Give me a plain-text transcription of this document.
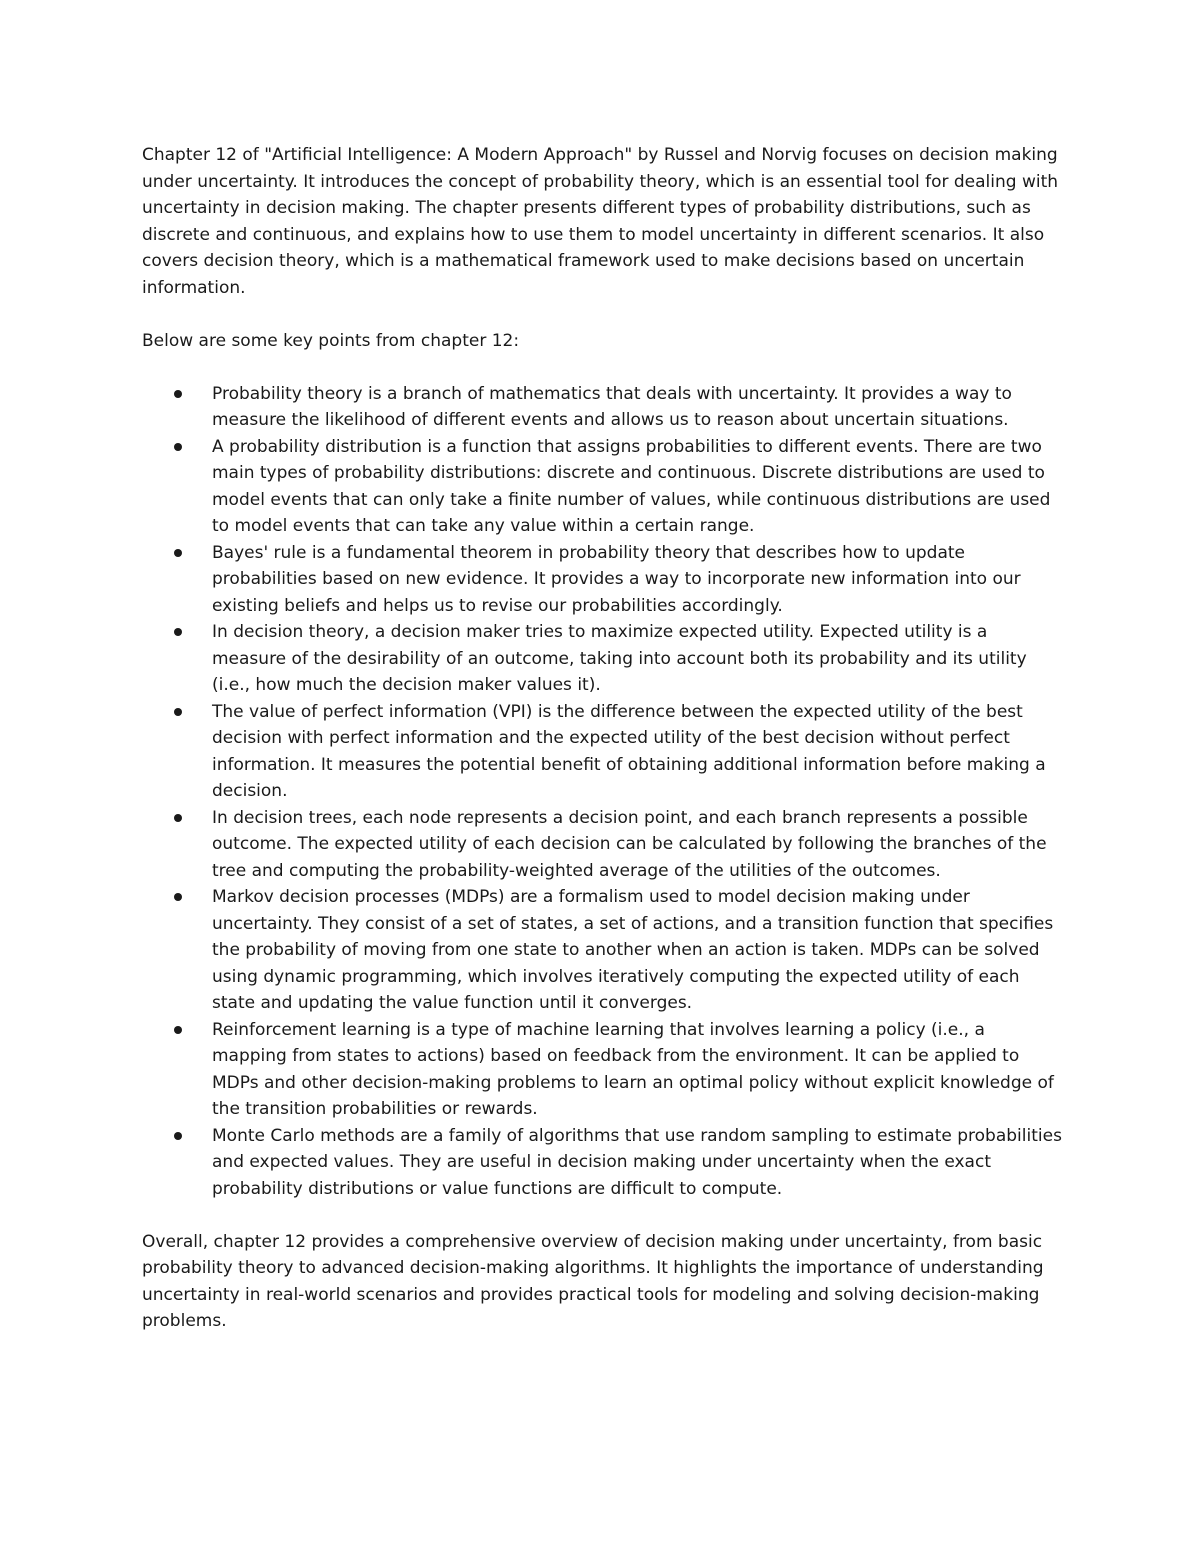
Chapter 12 of "Artificial Intelligence: A Modern Approach" by Russel and Norvig focuses on decision making under uncertainty. It introduces the concept of probability theory, which is an essential tool for dealing with uncertainty in decision making. The chapter presents different types of probability distributions, such as discrete and continuous, and explains how to use them to model uncertainty in different scenarios. It also covers decision theory, which is a mathematical framework used to make decisions based on uncertain information.

Below are some key points from chapter 12:

Probability theory is a branch of mathematics that deals with uncertainty. It provides a way to measure the likelihood of different events and allows us to reason about uncertain situations.
A probability distribution is a function that assigns probabilities to different events. There are two main types of probability distributions: discrete and continuous. Discrete distributions are used to model events that can only take a finite number of values, while continuous distributions are used to model events that can take any value within a certain range.
Bayes' rule is a fundamental theorem in probability theory that describes how to update probabilities based on new evidence. It provides a way to incorporate new information into our existing beliefs and helps us to revise our probabilities accordingly.
In decision theory, a decision maker tries to maximize expected utility. Expected utility is a measure of the desirability of an outcome, taking into account both its probability and its utility (i.e., how much the decision maker values it).
The value of perfect information (VPI) is the difference between the expected utility of the best decision with perfect information and the expected utility of the best decision without perfect information. It measures the potential benefit of obtaining additional information before making a decision.
In decision trees, each node represents a decision point, and each branch represents a possible outcome. The expected utility of each decision can be calculated by following the branches of the tree and computing the probability-weighted average of the utilities of the outcomes.
Markov decision processes (MDPs) are a formalism used to model decision making under uncertainty. They consist of a set of states, a set of actions, and a transition function that specifies the probability of moving from one state to another when an action is taken. MDPs can be solved using dynamic programming, which involves iteratively computing the expected utility of each state and updating the value function until it converges.
Reinforcement learning is a type of machine learning that involves learning a policy (i.e., a mapping from states to actions) based on feedback from the environment. It can be applied to MDPs and other decision-making problems to learn an optimal policy without explicit knowledge of the transition probabilities or rewards.
Monte Carlo methods are a family of algorithms that use random sampling to estimate probabilities and expected values. They are useful in decision making under uncertainty when the exact probability distributions or value functions are difficult to compute.

Overall, chapter 12 provides a comprehensive overview of decision making under uncertainty, from basic probability theory to advanced decision-making algorithms. It highlights the importance of understanding uncertainty in real-world scenarios and provides practical tools for modeling and solving decision-making problems.
